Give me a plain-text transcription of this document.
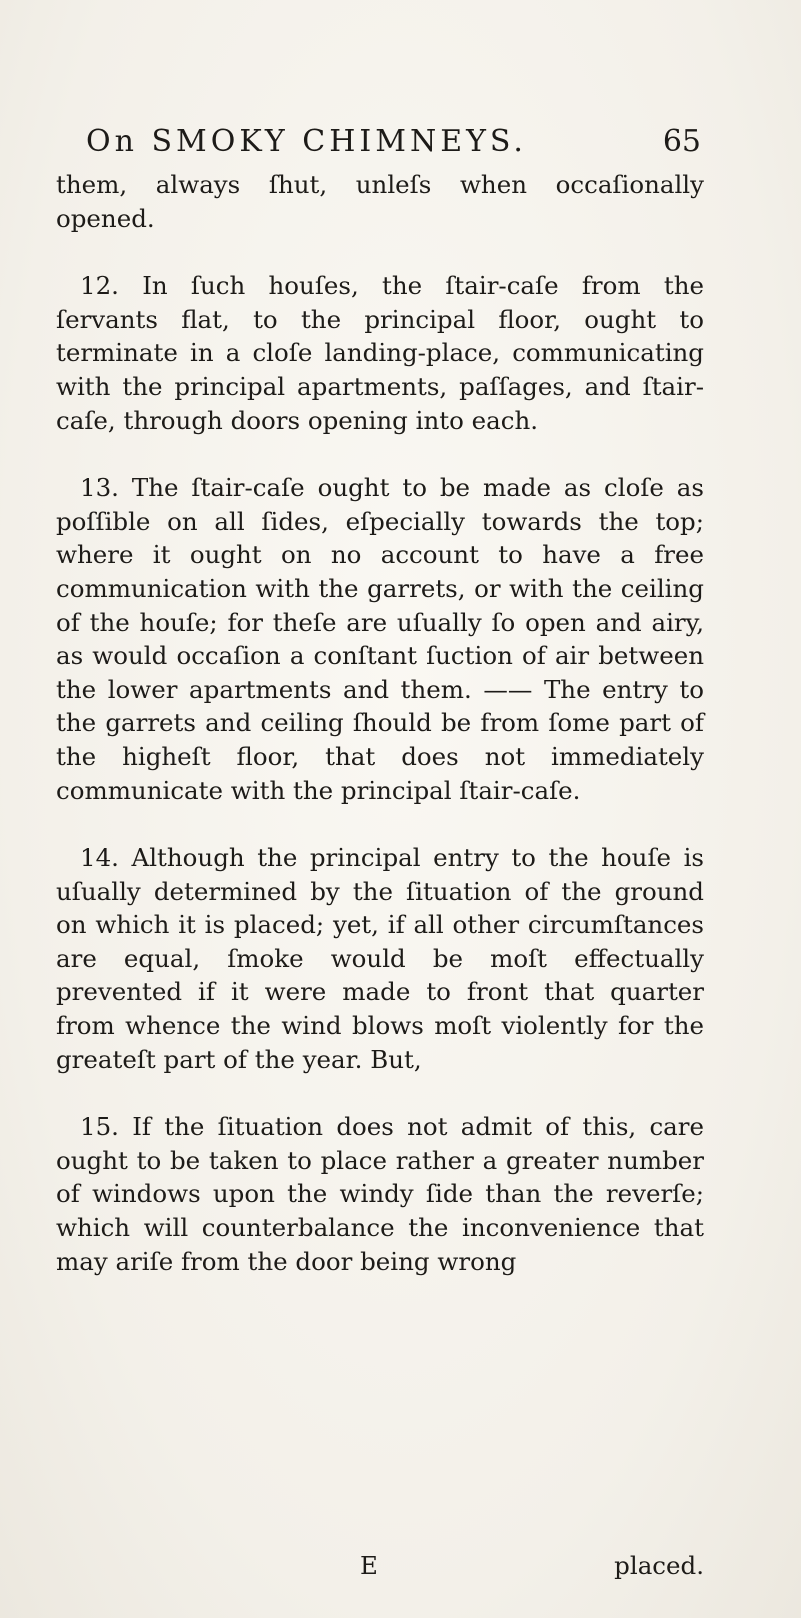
On SMOKY CHIMNEYS.	65

them, always ſhut, unleſs when occaſionally opened.

12. In ſuch houſes, the ſtair-caſe from the ſervants flat, to the principal floor, ought to terminate in a cloſe landing-place, communicating with the principal apartments, paſſages, and ſtair-caſe, through doors opening into each.

13. The ſtair-caſe ought to be made as cloſe as poſſible on all ſides, eſpecially towards the top; where it ought on no account to have a free communication with the garrets, or with the ceiling of the houſe; for theſe are uſually ſo open and airy, as would occaſion a conſtant ſuction of air between the lower apartments and them. —— The entry to the garrets and ceiling ſhould be from ſome part of the higheſt floor, that does not immediately communicate with the principal ſtair-caſe.

14. Although the principal entry to the houſe is uſually determined by the ſituation of the ground on which it is placed; yet, if all other circumſtances are equal, ſmoke would be moſt effectually prevented if it were made to front that quarter from whence the wind blows moſt violently for the greateſt part of the year. But,

15. If the ſituation does not admit of this, care ought to be taken to place rather a greater number of windows upon the windy ſide than the reverſe; which will counterbalance the inconvenience that may ariſe from the door being wrong

E	placed.
